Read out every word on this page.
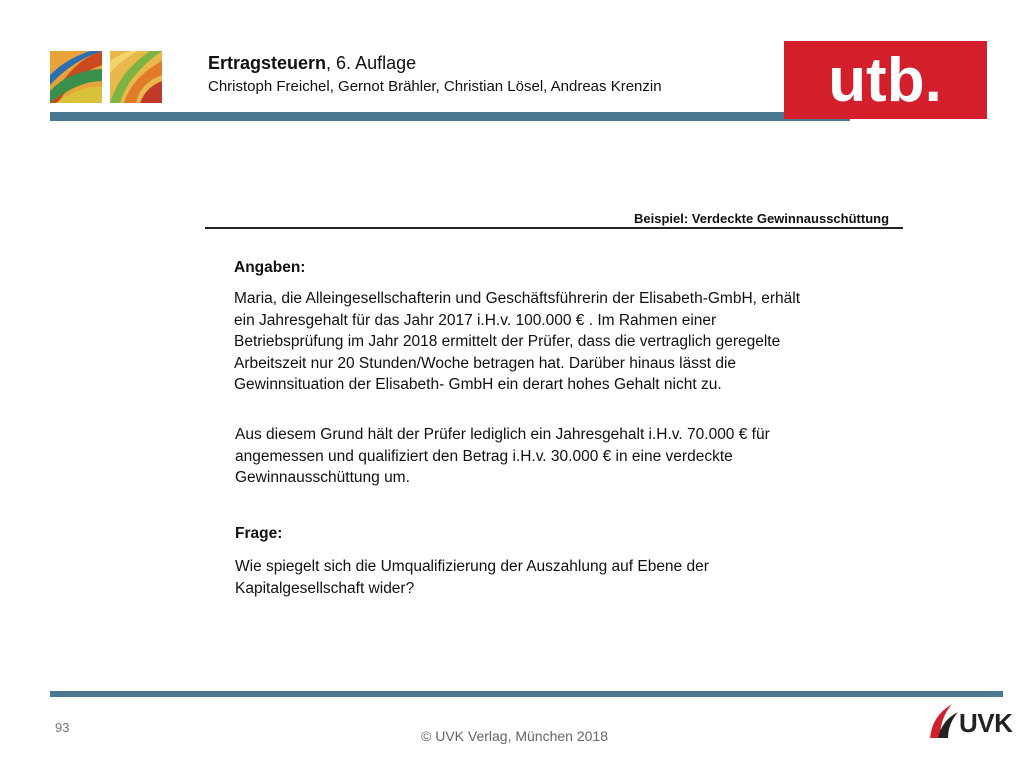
Ertragsteuern, 6. Auflage
Christoph Freichel, Gernot Brähler, Christian Lösel, Andreas Krenzin	utb.
Beispiel: Verdeckte Gewinnausschüttung
Angaben:
Maria, die Alleingesellschafterin und Geschäftsführerin der Elisabeth-GmbH, erhält
ein Jahresgehalt für das Jahr 2017 i.H.v. 100.000 € . Im Rahmen einer
Betriebsprüfung im Jahr 2018 ermittelt der Prüfer, dass die vertraglich geregelte
Arbeitszeit nur 20 Stunden/Woche betragen hat. Darüber hinaus lässt die
Gewinnsituation der Elisabeth- GmbH ein derart hohes Gehalt nicht zu.
Aus diesem Grund hält der Prüfer lediglich ein Jahresgehalt i.H.v. 70.000 € für
angemessen und qualifiziert den Betrag i.H.v. 30.000 € in eine verdeckte
Gewinnausschüttung um.
Frage:
Wie spiegelt sich die Umqualifizierung der Auszahlung auf Ebene der
Kapitalgesellschaft wider?
93
© UVK Verlag, München 2018	UVK
